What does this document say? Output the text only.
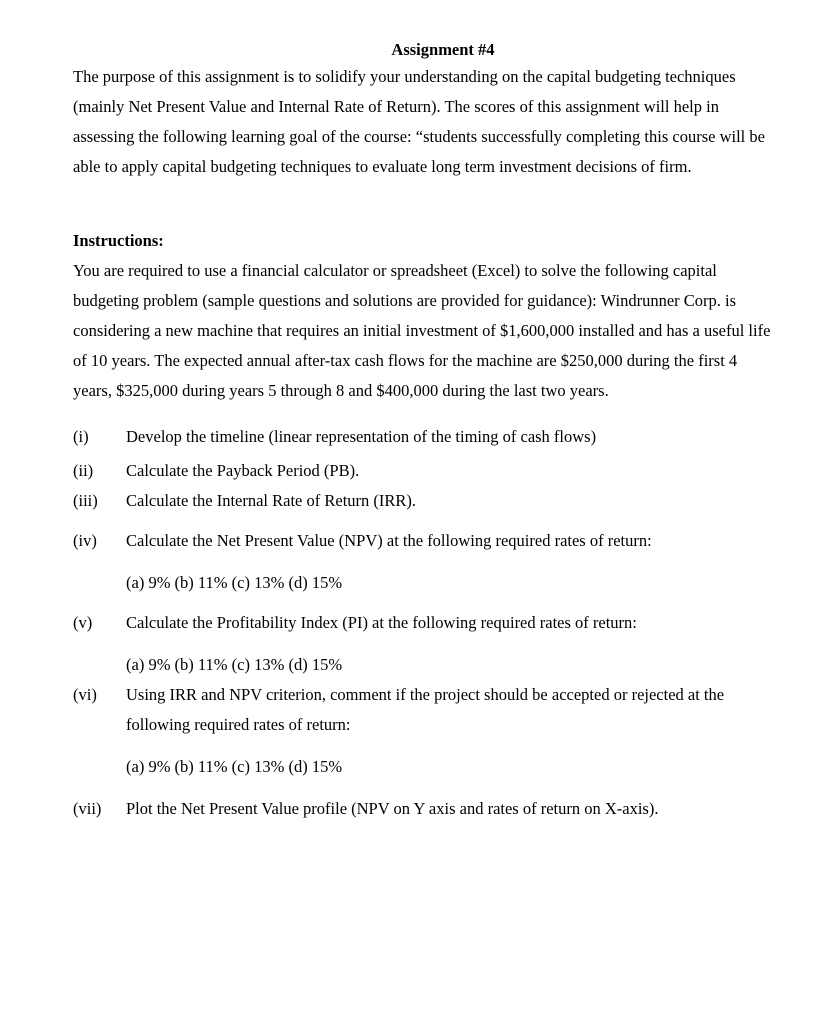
Assignment #4

The purpose of this assignment is to solidify your understanding on the capital budgeting techniques (mainly Net Present Value and Internal Rate of Return). The scores of this assignment will help in assessing the following learning goal of the course: “students successfully completing this course will be able to apply capital budgeting techniques to evaluate long term investment decisions of firm.

Instructions:

You are required to use a financial calculator or spreadsheet (Excel) to solve the following capital budgeting problem (sample questions and solutions are provided for guidance): Windrunner Corp. is considering a new machine that requires an initial investment of $1,600,000 installed and has a useful life of 10 years. The expected annual after-tax cash flows for the machine are $250,000 during the first 4 years, $325,000 during years 5 through 8 and $400,000 during the last two years.

(i) Develop the timeline (linear representation of the timing of cash flows)
(ii) Calculate the Payback Period (PB).
(iii) Calculate the Internal Rate of Return (IRR).
(iv) Calculate the Net Present Value (NPV) at the following required rates of return:
(a) 9% (b) 11% (c) 13% (d) 15%
(v) Calculate the Profitability Index (PI) at the following required rates of return:
(a) 9% (b) 11% (c) 13% (d) 15%
(vi) Using IRR and NPV criterion, comment if the project should be accepted or rejected at the following required rates of return:
(a) 9% (b) 11% (c) 13% (d) 15%
(vii) Plot the Net Present Value profile (NPV on Y axis and rates of return on X-axis).
